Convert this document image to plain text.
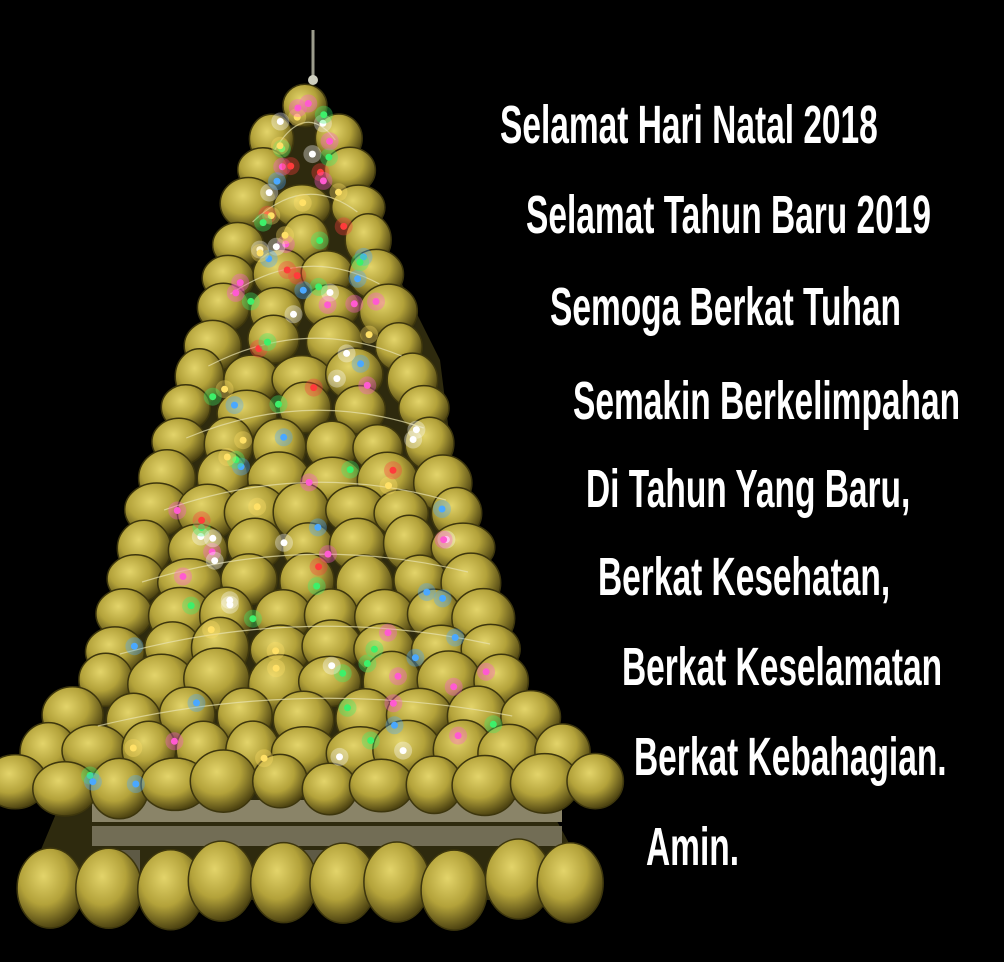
Selamat Hari Natal 2018

Selamat Tahun Baru 2019

Semoga Berkat Tuhan

Semakin Berkelimpahan

Di Tahun Yang Baru,

Berkat Kesehatan,

Berkat Keselamatan

Berkat Kebahagian.

Amin.
